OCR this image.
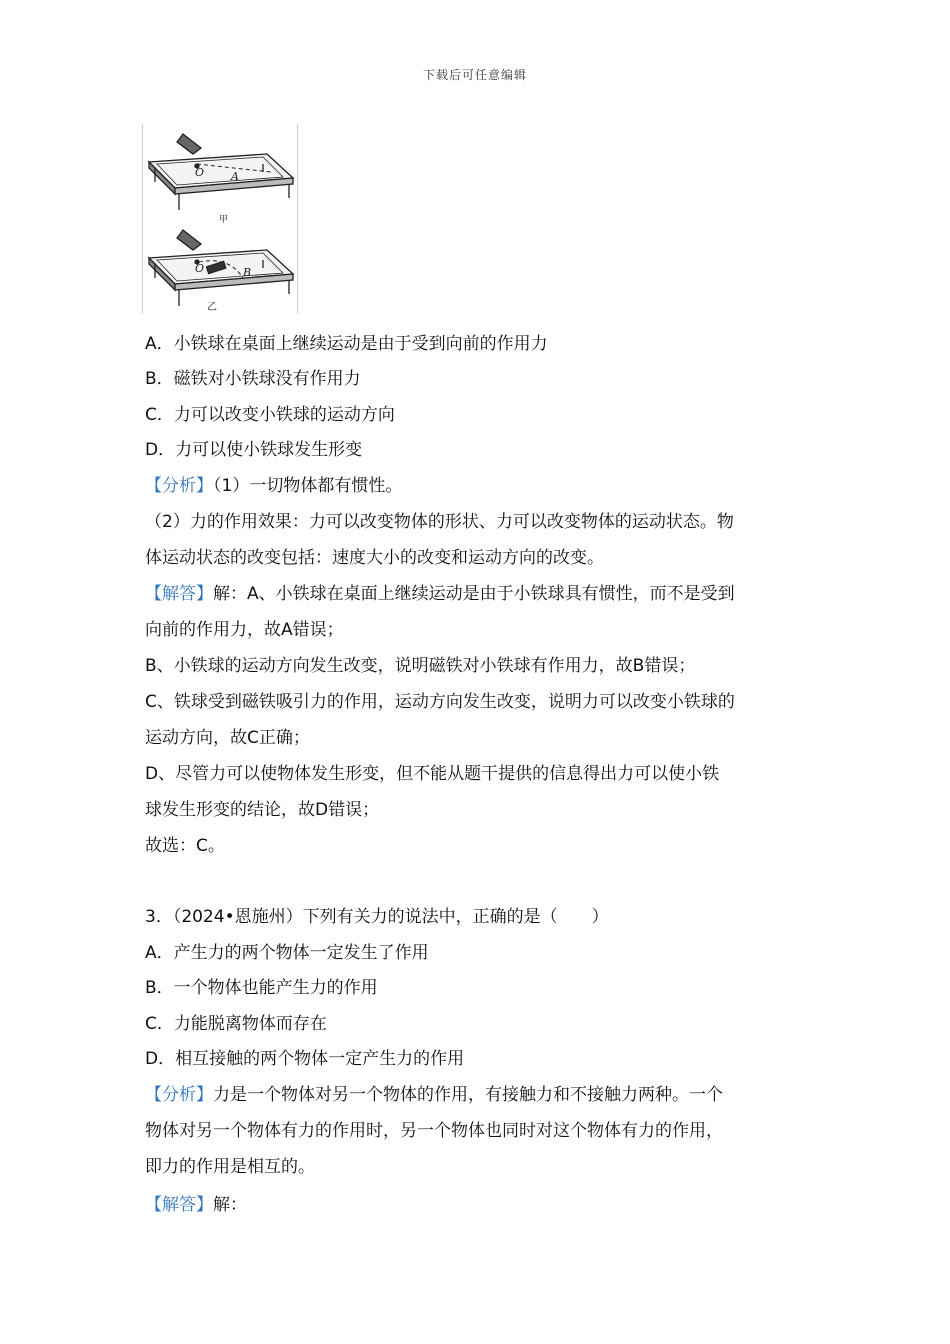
下载后可任意编辑
O A
甲
O	B
乙
A．小铁球在桌面上继续运动是由于受到向前的作用力
B．磁铁对小铁球没有作用力
C．力可以改变小铁球的运动方向
D．力可以使小铁球发生形变
【分析】（1）一切物体都有惯性。
（2）力的作用效果：力可以改变物体的形状、力可以改变物体的运动状态。物
体运动状态的改变包括：速度大小的改变和运动方向的改变。
【解答】解：A、小铁球在桌面上继续运动是由于小铁球具有惯性，而不是受到
向前的作用力，故A错误；
B、小铁球的运动方向发生改变，说明磁铁对小铁球有作用力，故B错误；
C、铁球受到磁铁吸引力的作用，运动方向发生改变，说明力可以改变小铁球的
运动方向，故C正确；
D、尽管力可以使物体发生形变，但不能从题干提供的信息得出力可以使小铁
球发生形变的结论，故D错误；
故选：C。
3．（2024•恩施州）下列有关力的说法中，正确的是（　　）
A．产生力的两个物体一定发生了作用
B．一个物体也能产生力的作用
C．力能脱离物体而存在
D．相互接触的两个物体一定产生力的作用
【分析】力是一个物体对另一个物体的作用，有接触力和不接触力两种。一个
物体对另一个物体有力的作用时，另一个物体也同时对这个物体有力的作用，
即力的作用是相互的。
【解答】解：
